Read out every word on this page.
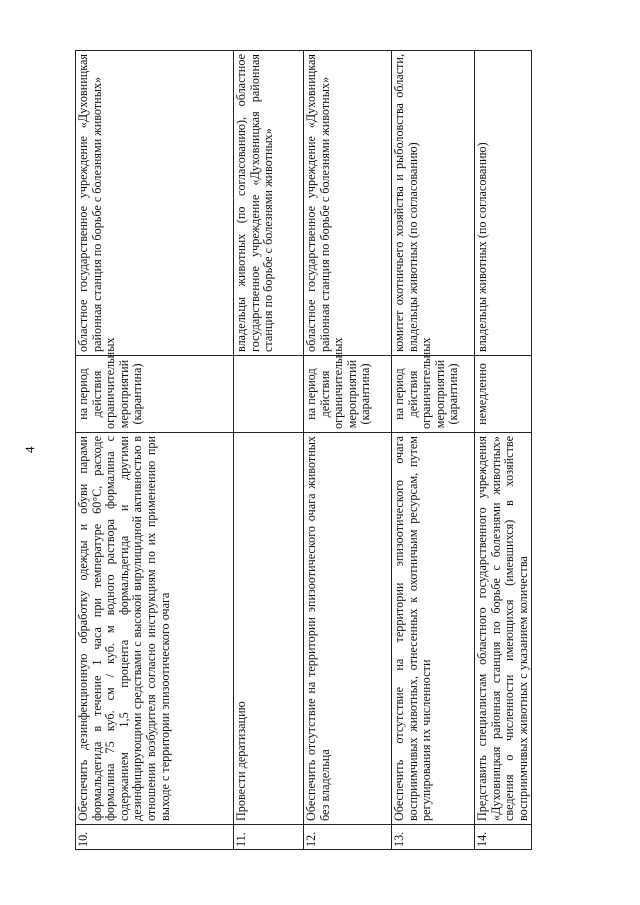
4
10.	Обеспечить дезинфекционную обработку одежды и обуви парами формальдегида в течение 1 часа при температуре 60°С, расходе формалина 75 куб. см / куб. м водного раствора формалина с содержанием 1,5 процента формальдегида и другими дезинфицирующими средствами с высокой вирулицидной активностью в отношении возбудителя согласно инструкциям по их применению при выходе с территории эпизоотического очага	на период действия ограничительных мероприятий (карантина)	областное государственное учреждение «Духовницкая районная станция по борьбе с болезнями животных»
11.	Провести дератизацию		владельцы животных (по согласованию), областное государственное учреждение «Духовницкая районная станция по борьбе с болезнями животных»
12.	Обеспечить отсутствие на территории эпизоотического очага животных без владельца	на период действия ограничительных мероприятий (карантина)	областное государственное учреждение «Духовницкая районная станция по борьбе с болезнями животных»
13.	Обеспечить отсутствие на территории эпизоотического очага восприимчивых животных, отнесенных к охотничьим ресурсам, путем регулирования их численности	на период действия ограничительных мероприятий (карантина)	комитет охотничьего хозяйства и рыболовства области, владельцы животных (по согласованию)
14.	Представить специалистам областного государственного учреждения «Духовницкая районная станция по борьбе с болезнями животных» сведения о численности имеющихся (имевшихся) в хозяйстве восприимчивых животных с указанием количества	немедленно	владельцы животных (по согласованию)
